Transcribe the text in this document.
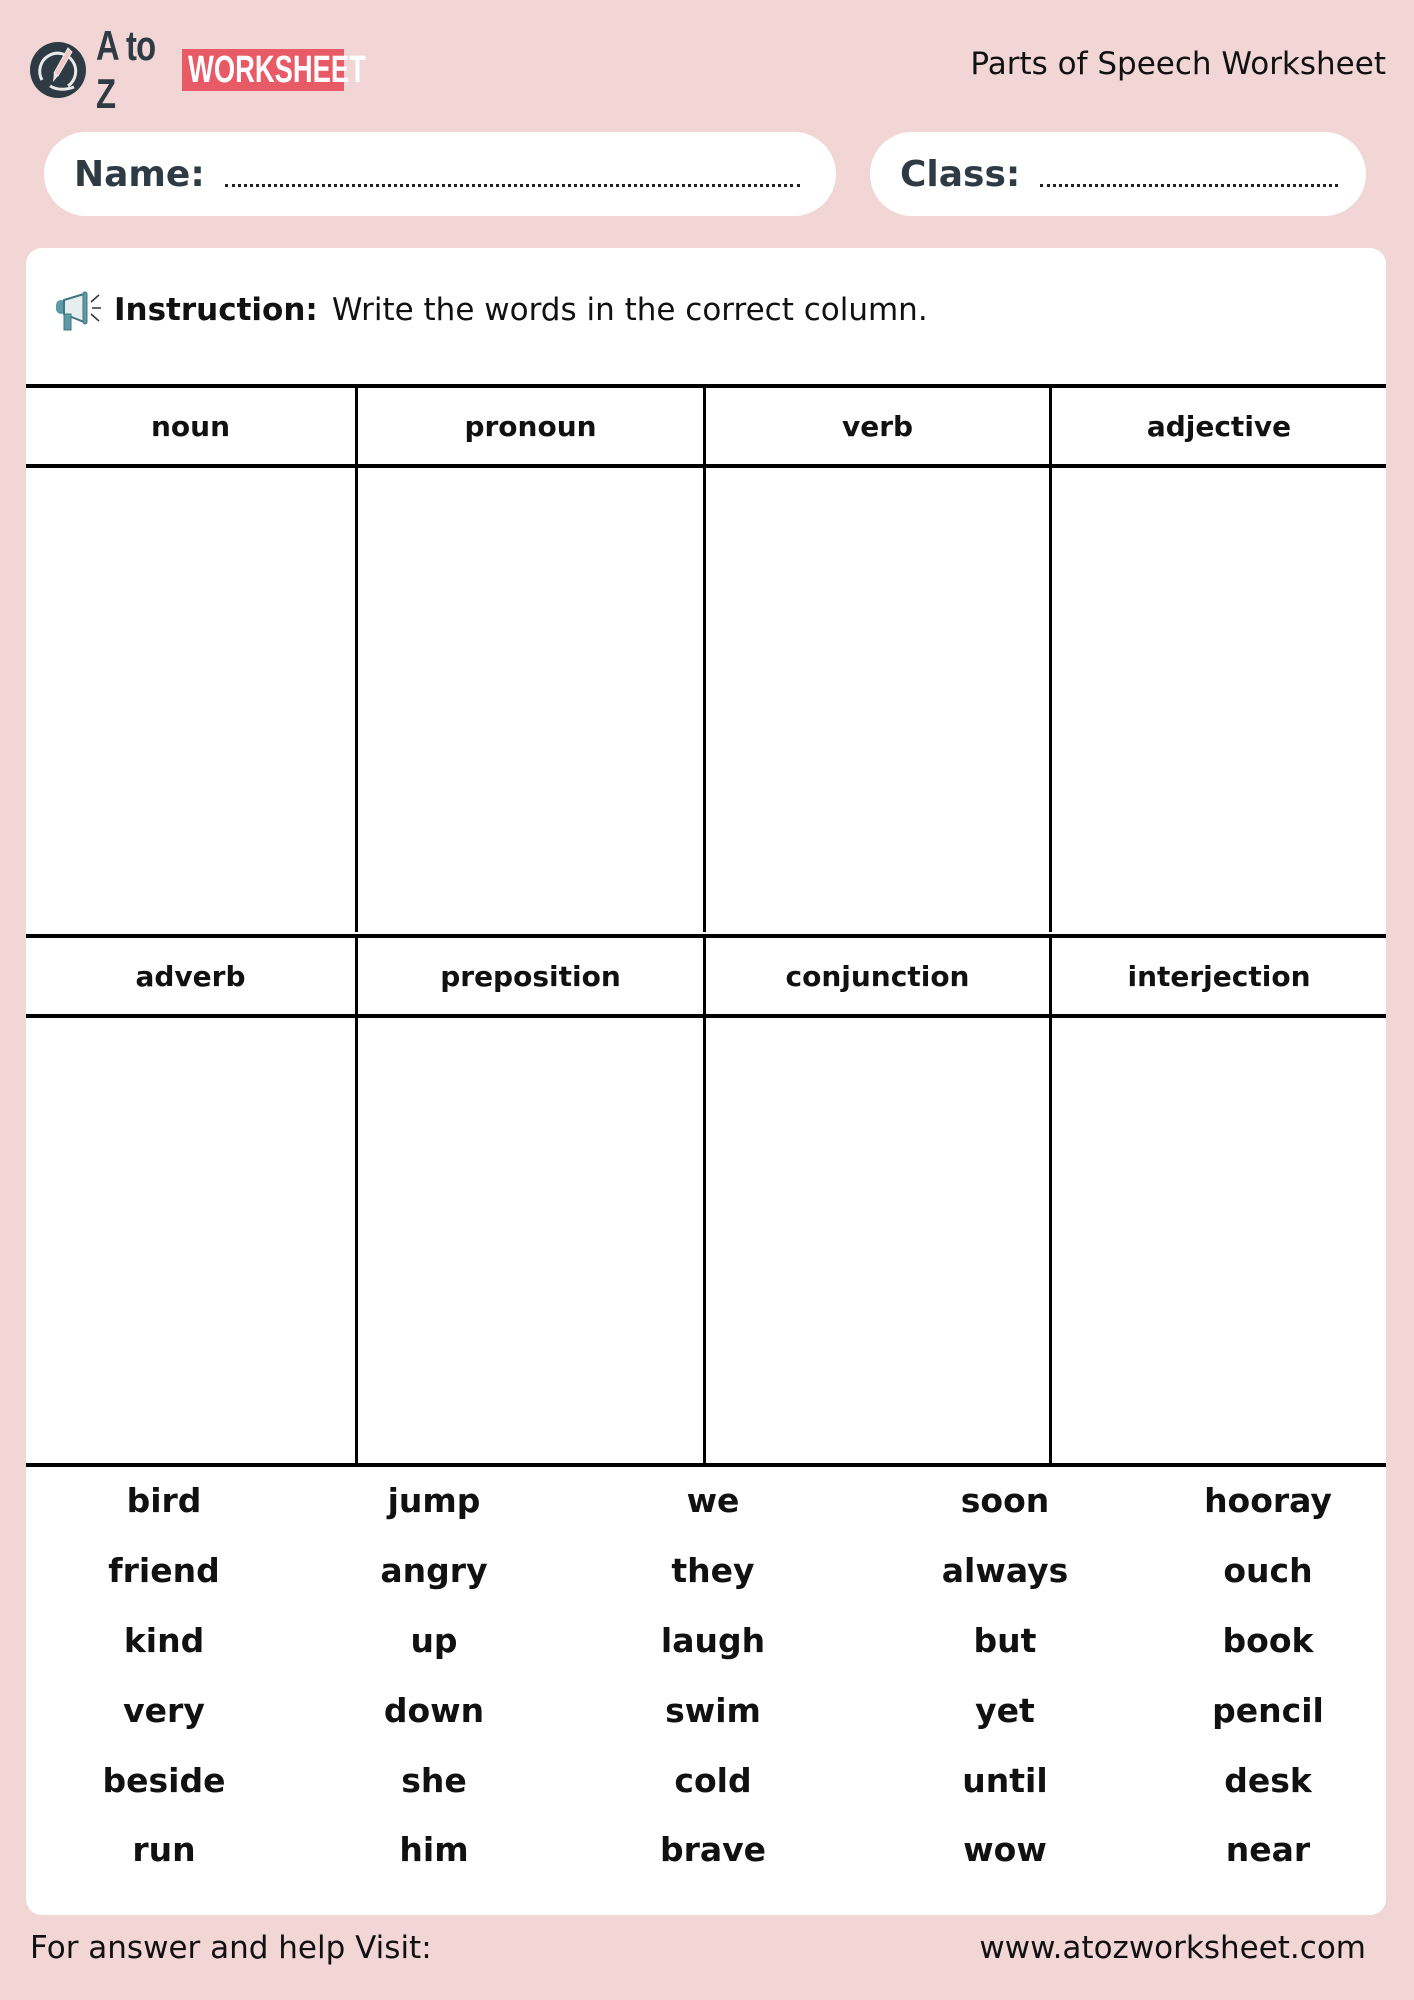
A to Z	WORKSHEET	Parts of Speech Worksheet
Name:	Class:
Instruction: Write the words in the correct column.
noun	pronoun	verb	adjective
adverb	preposition	conjunction	interjection
bird	jump	we	soon	hooray
friend	angry	they	always	ouch
kind	up	laugh	but	book
very	down	swim	yet	pencil
beside	she	cold	until	desk
run	him	brave	wow	near
For answer and help Visit:	www.atozworksheet.com
